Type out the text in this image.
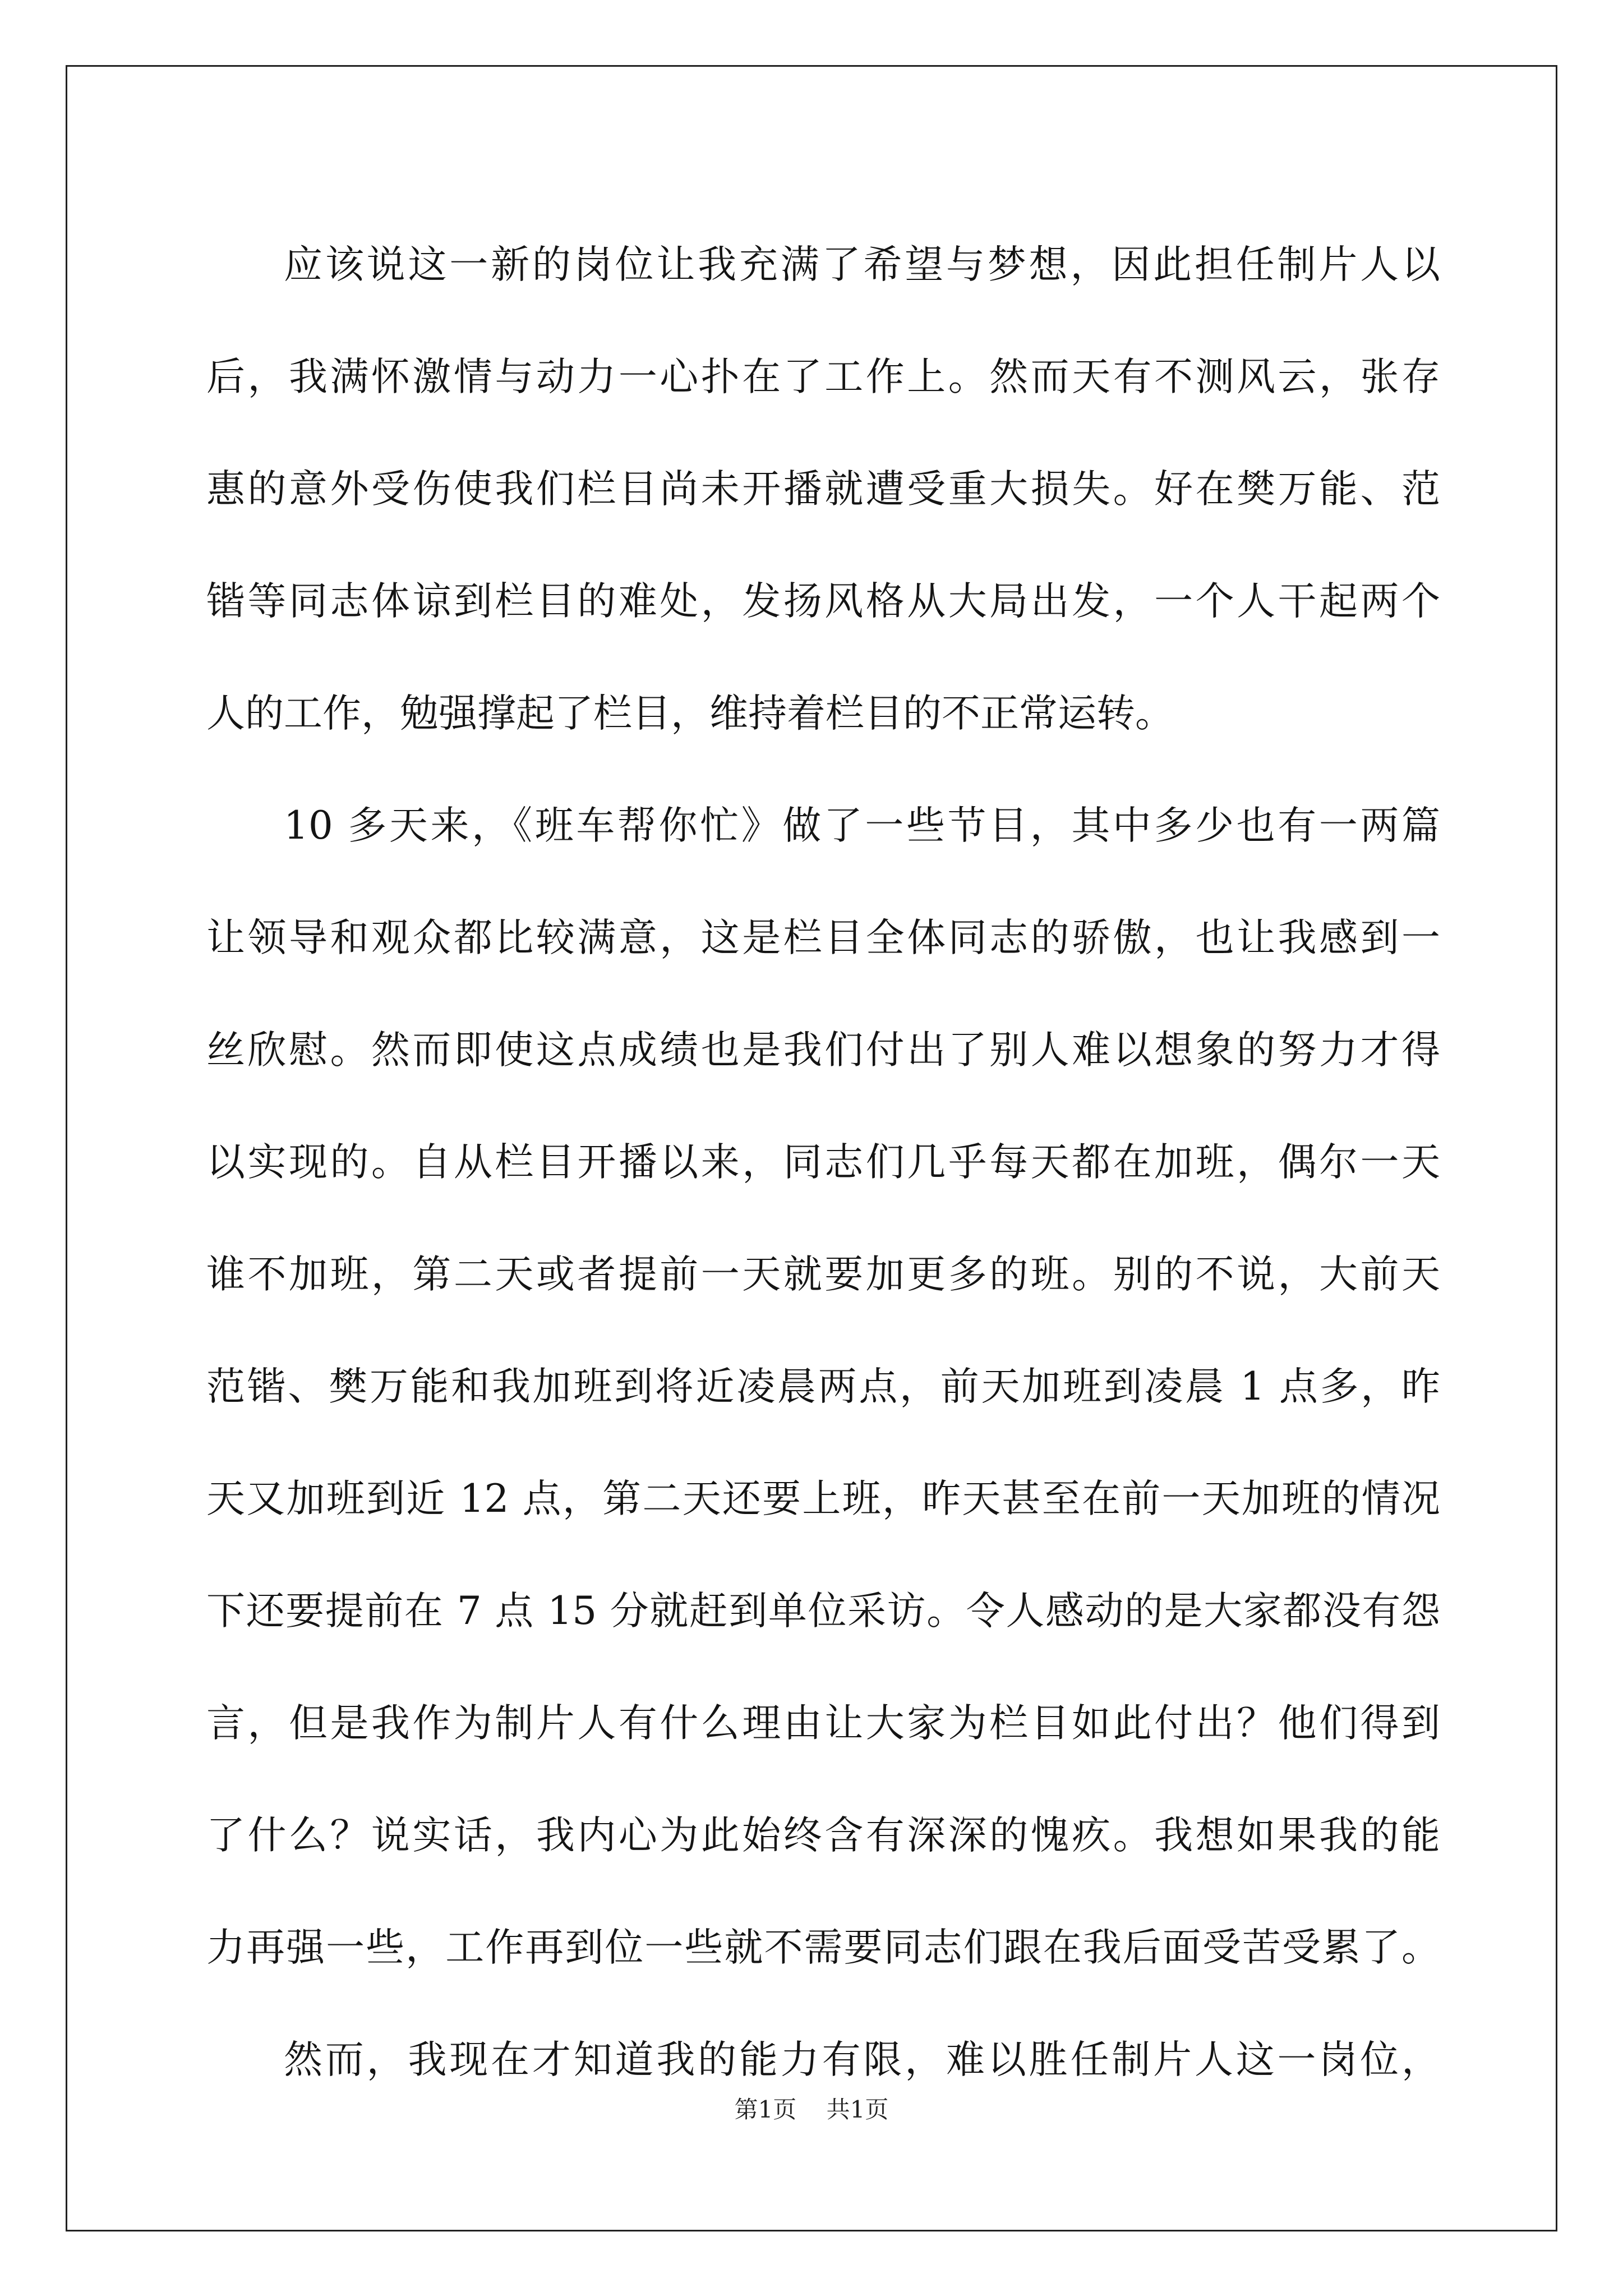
应该说这一新的岗位让我充满了希望与梦想，因此担任制片人以
后，我满怀激情与动力一心扑在了工作上。然而天有不测风云，张存
惠的意外受伤使我们栏目尚未开播就遭受重大损失。好在樊万能、范
锴等同志体谅到栏目的难处，发扬风格从大局出发，一个人干起两个
人的工作，勉强撑起了栏目，维持着栏目的不正常运转。
10 多天来，《班车帮你忙》做了一些节目，其中多少也有一两篇
让领导和观众都比较满意，这是栏目全体同志的骄傲，也让我感到一
丝欣慰。然而即使这点成绩也是我们付出了别人难以想象的努力才得
以实现的。自从栏目开播以来，同志们几乎每天都在加班，偶尔一天
谁不加班，第二天或者提前一天就要加更多的班。别的不说，大前天
范锴、樊万能和我加班到将近凌晨两点，前天加班到凌晨 1 点多，昨
天又加班到近 12 点，第二天还要上班，昨天甚至在前一天加班的情况
下还要提前在 7 点 15 分就赶到单位采访。令人感动的是大家都没有怨
言，但是我作为制片人有什么理由让大家为栏目如此付出？他们得到
了什么？说实话，我内心为此始终含有深深的愧疚。我想如果我的能
力再强一些，工作再到位一些就不需要同志们跟在我后面受苦受累了。
然而，我现在才知道我的能力有限，难以胜任制片人这一岗位，
第1页    共1页
